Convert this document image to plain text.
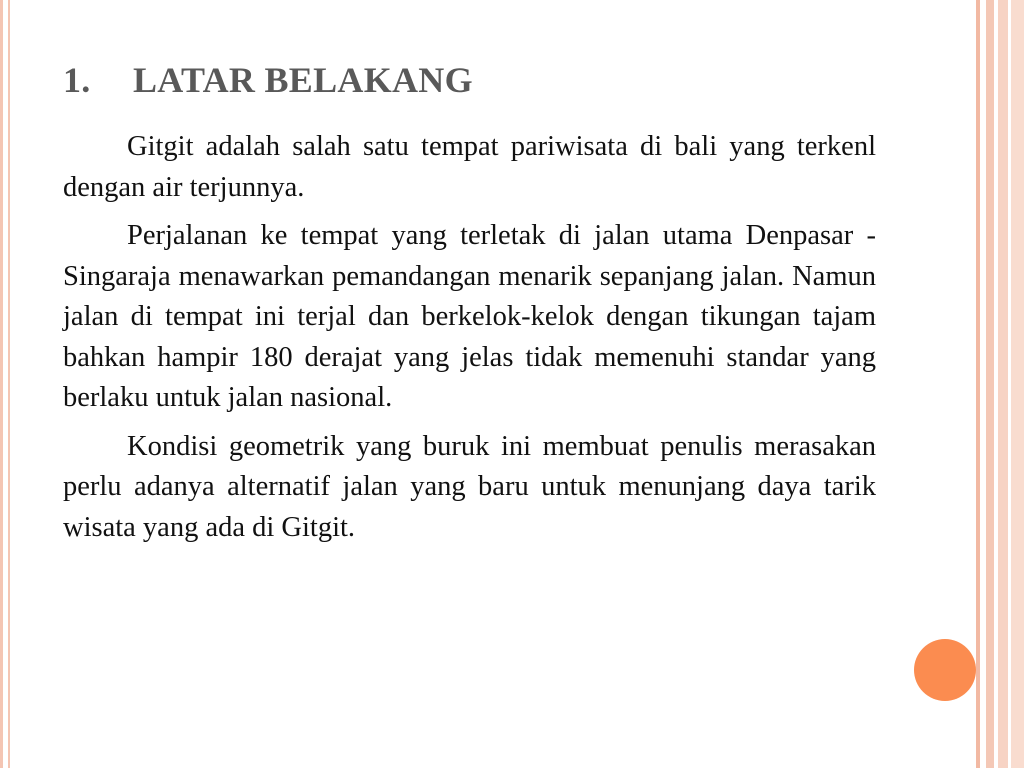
1. LATAR BELAKANG

Gitgit adalah salah satu tempat pariwisata di bali yang terkenl dengan air terjunnya.

Perjalanan ke tempat yang terletak di jalan utama Denpasar - Singaraja menawarkan pemandangan menarik sepanjang jalan. Namun jalan di tempat ini terjal dan berkelok-kelok dengan tikungan tajam bahkan hampir 180 derajat yang jelas tidak memenuhi standar yang berlaku untuk jalan nasional.

Kondisi geometrik yang buruk ini membuat penulis merasakan perlu adanya alternatif jalan yang baru untuk menunjang daya tarik wisata yang ada di Gitgit.
